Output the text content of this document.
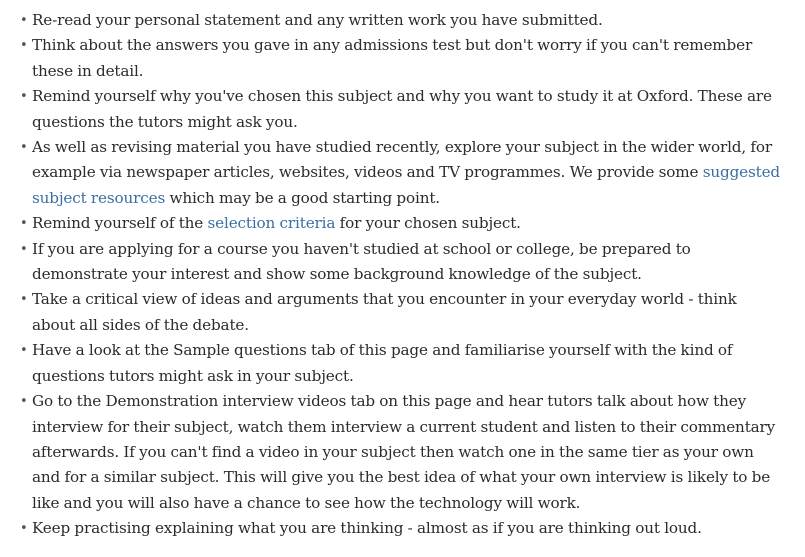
• Re-read your personal statement and any written work you have submitted.
• Think about the answers you gave in any admissions test but don't worry if you can't remember these in detail.
• Remind yourself why you've chosen this subject and why you want to study it at Oxford. These are questions the tutors might ask you.
• As well as revising material you have studied recently, explore your subject in the wider world, for example via newspaper articles, websites, videos and TV programmes. We provide some suggested subject resources which may be a good starting point.
• Remind yourself of the selection criteria for your chosen subject.
• If you are applying for a course you haven't studied at school or college, be prepared to demonstrate your interest and show some background knowledge of the subject.
• Take a critical view of ideas and arguments that you encounter in your everyday world - think about all sides of the debate.
• Have a look at the Sample questions tab of this page and familiarise yourself with the kind of questions tutors might ask in your subject.
• Go to the Demonstration interview videos tab on this page and hear tutors talk about how they interview for their subject, watch them interview a current student and listen to their commentary afterwards. If you can't find a video in your subject then watch one in the same tier as your own and for a similar subject. This will give you the best idea of what your own interview is likely to be like and you will also have a chance to see how the technology will work.
• Keep practising explaining what you are thinking - almost as if you are thinking out loud.
